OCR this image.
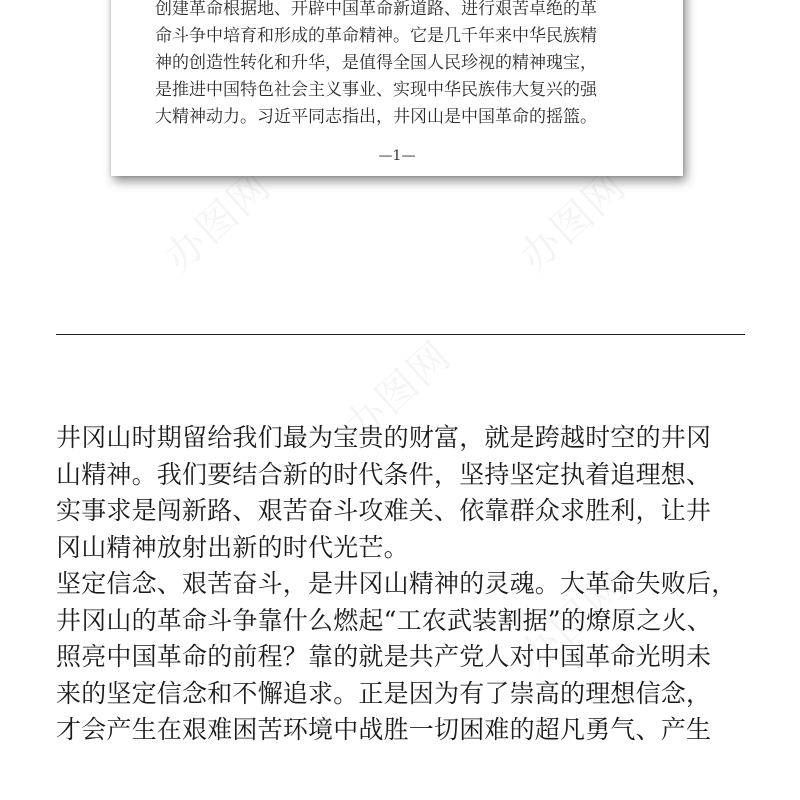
办图网	办图网
办图网
办图网
创建革命根据地、开辟中国革命新道路、进行艰苦卓绝的革
命斗争中培育和形成的革命精神。它是几千年来中华民族精
神的创造性转化和升华，是值得全国人民珍视的精神瑰宝，
是推进中国特色社会主义事业、实现中华民族伟大复兴的强
大精神动力。习近平同志指出，井冈山是中国革命的摇篮。
—1—
井冈山时期留给我们最为宝贵的财富，就是跨越时空的井冈
山精神。我们要结合新的时代条件，坚持坚定执着追理想、
实事求是闯新路、艰苦奋斗攻难关、依靠群众求胜利，让井
冈山精神放射出新的时代光芒。
坚定信念、艰苦奋斗，是井冈山精神的灵魂。大革命失败后，
井冈山的革命斗争靠什么燃起“工农武装割据”的燎原之火、
照亮中国革命的前程？靠的就是共产党人对中国革命光明未
来的坚定信念和不懈追求。正是因为有了崇高的理想信念，
才会产生在艰难困苦环境中战胜一切困难的超凡勇气、产生
